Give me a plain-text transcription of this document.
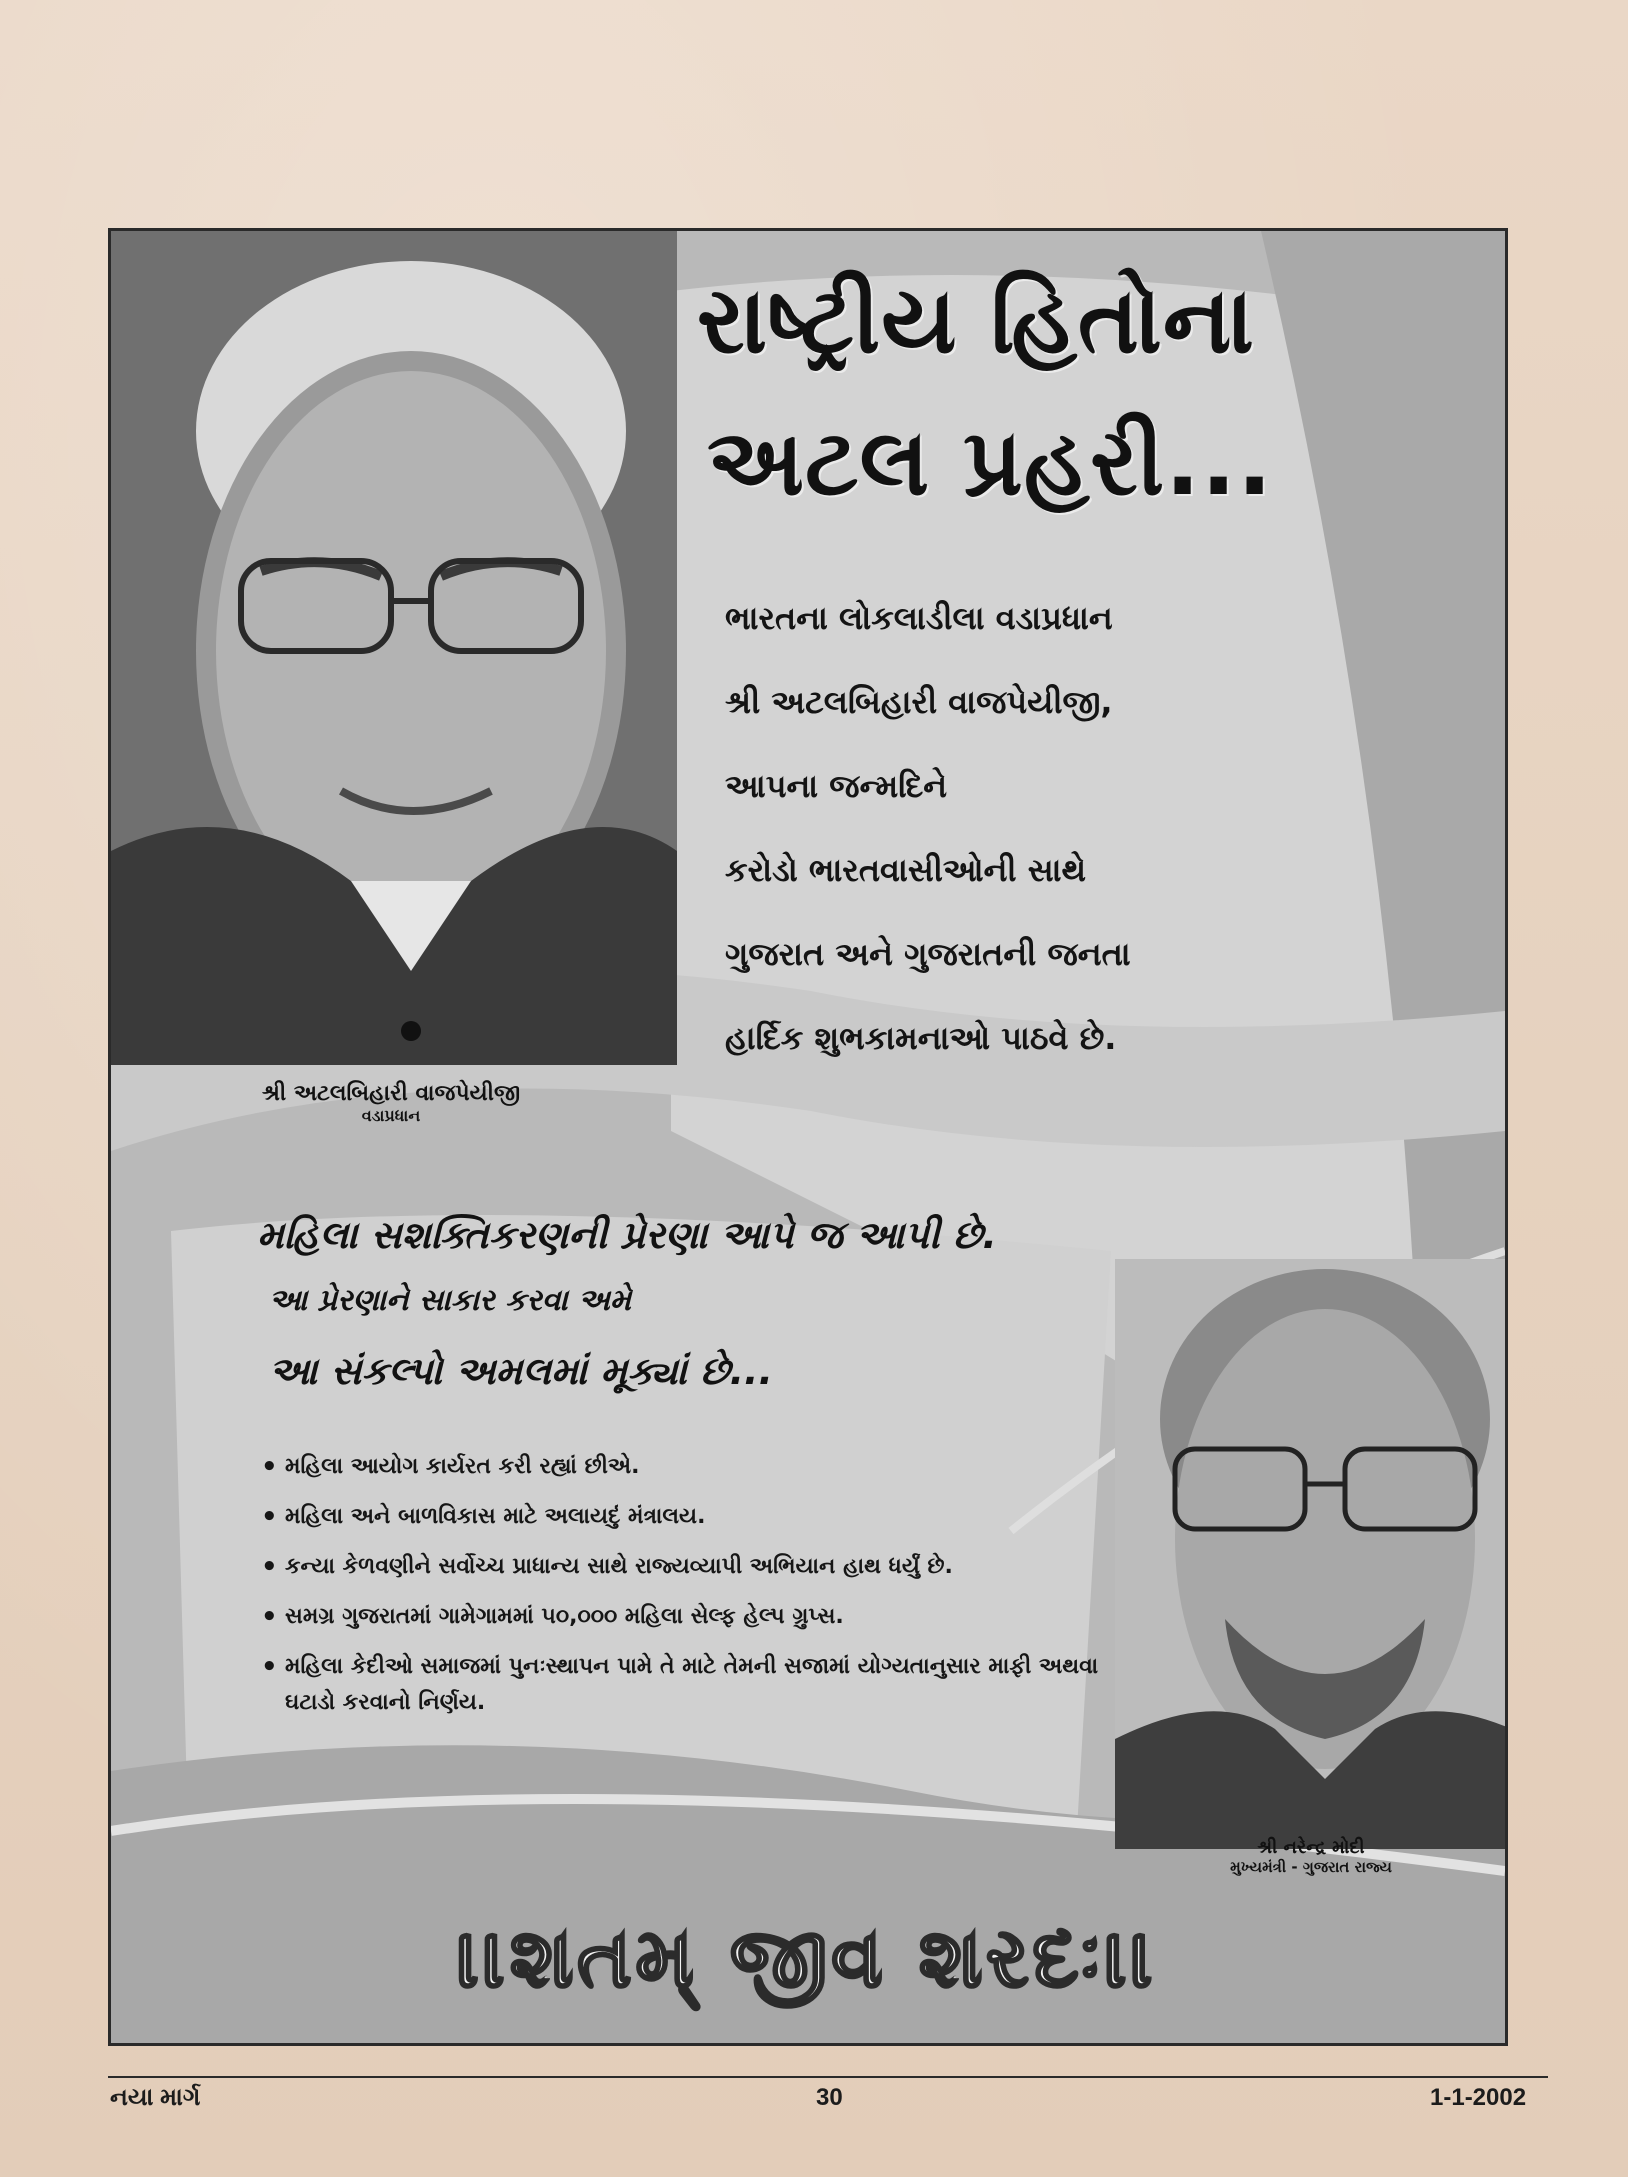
શ્રી અટલબિહારી વાજપેયીજી
વડાપ્રધાન
રાષ્ટ્રીય હિતોના
અટલ પ્રહરી...
ભારતના લોકલાડીલા વડાપ્રધાન
શ્રી અટલબિહારી વાજપેયીજી,
આપના જન્મદિને
કરોડો ભારતવાસીઓની સાથે
ગુજરાત અને ગુજરાતની જનતા
હાર્દિક શુભકામનાઓ પાઠવે છે.
મહિલા સશક્તિકરણની પ્રેરણા આપે જ આપી છે.
આ પ્રેરણાને સાકાર કરવા અમે
આ સંકલ્પો અમલમાં મૂક્યાં છે...
• મહિલા આયોગ કાર્યરત કરી રહ્યાં છીએ.
• મહિલા અને બાળવિકાસ માટે અલાયદું મંત્રાલય.
• કન્યા કેળવણીને સર્વોચ્ચ પ્રાધાન્ય સાથે રાજ્યવ્યાપી અભિયાન હાથ ધર્યું છે.
• સમગ્ર ગુજરાતમાં ગામેગામમાં ૫૦,૦૦૦ મહિલા સેલ્ફ હેલ્પ ગ્રુપ્સ.
• મહિલા કેદીઓ સમાજમાં પુનઃસ્થાપન પામે તે માટે તેમની સજામાં યોગ્યતાનુસાર માફી અથવા ઘટાડો કરવાનો નિર્ણય.
શ્રી નરેન્દ્ર મોદી
મુખ્યમંત્રી - ગુજરાત રાજ્ય
।।શતમ્ જીવ શરદઃ।।
નયા માર્ગ	30	1-1-2002
